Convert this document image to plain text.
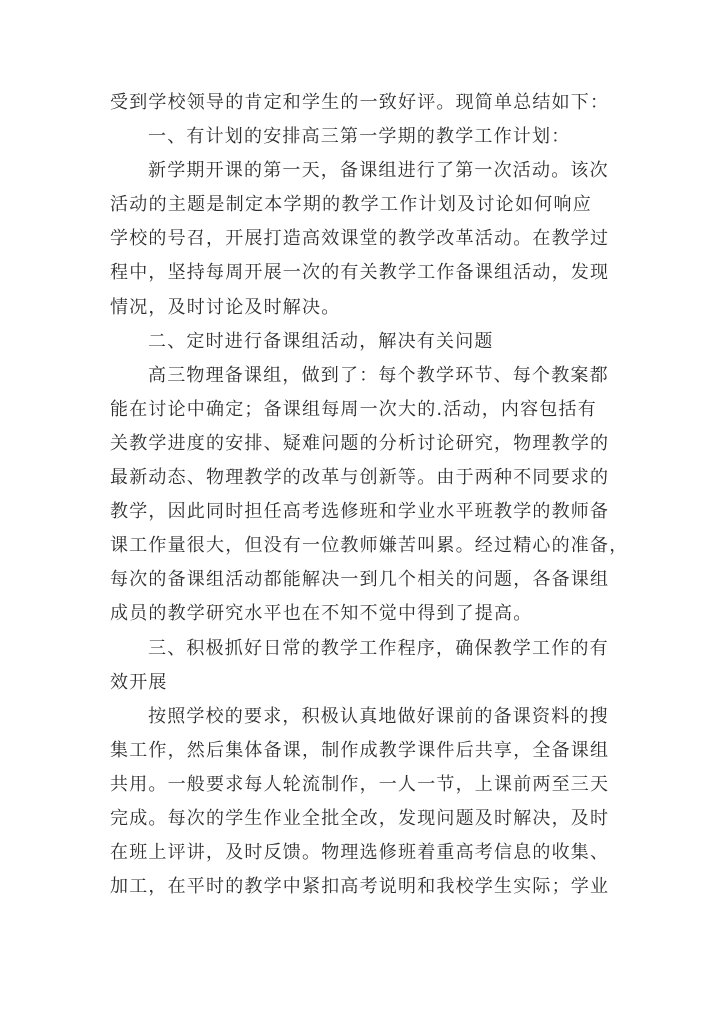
受到学校领导的肯定和学生的一致好评。现简单总结如下：
一、有计划的安排高三第一学期的教学工作计划：
新学期开课的第一天，备课组进行了第一次活动。该次
活动的主题是制定本学期的教学工作计划及讨论如何响应
学校的号召，开展打造高效课堂的教学改革活动。在教学过
程中，坚持每周开展一次的有关教学工作备课组活动，发现
情况，及时讨论及时解决。
二、定时进行备课组活动，解决有关问题
高三物理备课组，做到了：每个教学环节、每个教案都
能在讨论中确定；备课组每周一次大的.活动，内容包括有
关教学进度的安排、疑难问题的分析讨论研究，物理教学的
最新动态、物理教学的改革与创新等。由于两种不同要求的
教学，因此同时担任高考选修班和学业水平班教学的教师备
课工作量很大，但没有一位教师嫌苦叫累。经过精心的准备，
每次的备课组活动都能解决一到几个相关的问题，各备课组
成员的教学研究水平也在不知不觉中得到了提高。
三、积极抓好日常的教学工作程序，确保教学工作的有
效开展
按照学校的要求，积极认真地做好课前的备课资料的搜
集工作，然后集体备课，制作成教学课件后共享，全备课组
共用。一般要求每人轮流制作，一人一节，上课前两至三天
完成。每次的学生作业全批全改，发现问题及时解决，及时
在班上评讲，及时反馈。物理选修班着重高考信息的收集、
加工，在平时的教学中紧扣高考说明和我校学生实际；学业
